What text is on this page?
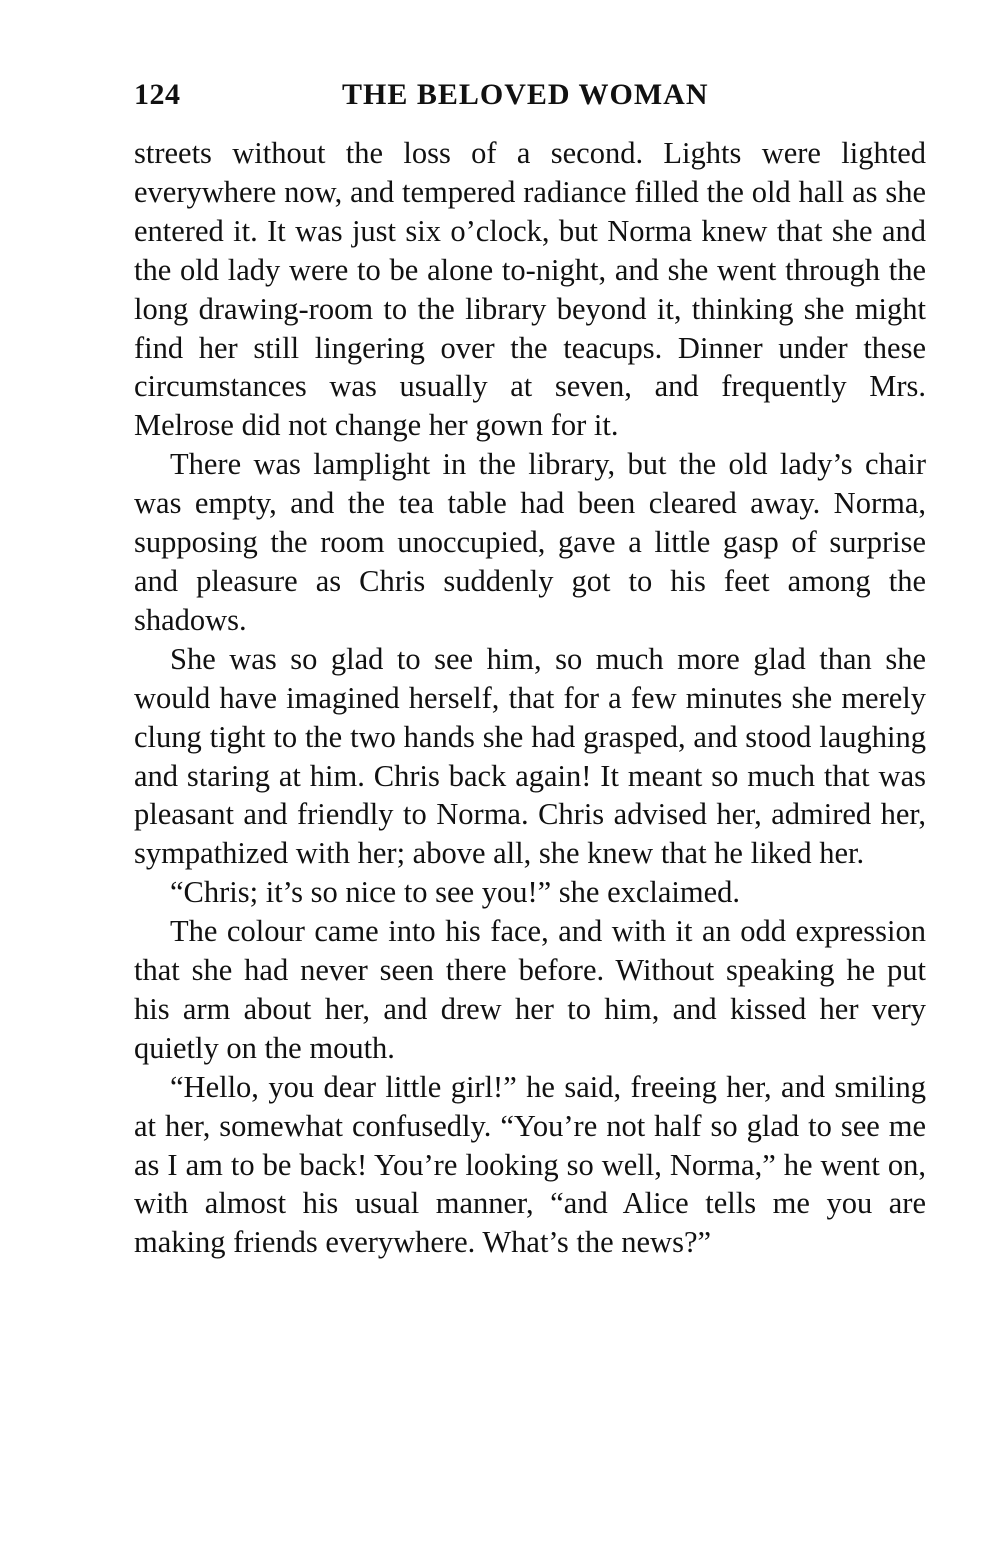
124	THE BELOVED WOMAN

streets without the loss of a second. Lights were lighted everywhere now, and tempered radiance filled the old hall as she entered it. It was just six o’clock, but Norma knew that she and the old lady were to be alone to-night, and she went through the long drawing-room to the library beyond it, thinking she might find her still lingering over the teacups. Dinner under these circumstances was usually at seven, and frequently Mrs. Melrose did not change her gown for it.

There was lamplight in the library, but the old lady’s chair was empty, and the tea table had been cleared away. Norma, supposing the room unoccupied, gave a little gasp of surprise and pleasure as Chris suddenly got to his feet among the shadows.

She was so glad to see him, so much more glad than she would have imagined herself, that for a few minutes she merely clung tight to the two hands she had grasped, and stood laughing and staring at him. Chris back again! It meant so much that was pleasant and friendly to Norma. Chris advised her, admired her, sympathized with her; above all, she knew that he liked her.

“Chris; it’s so nice to see you!” she exclaimed.

The colour came into his face, and with it an odd expression that she had never seen there before. Without speaking he put his arm about her, and drew her to him, and kissed her very quietly on the mouth.

“Hello, you dear little girl!” he said, freeing her, and smiling at her, somewhat confusedly. “You’re not half so glad to see me as I am to be back! You’re looking so well, Norma,” he went on, with almost his usual manner, “and Alice tells me you are making friends everywhere. What’s the news?”
